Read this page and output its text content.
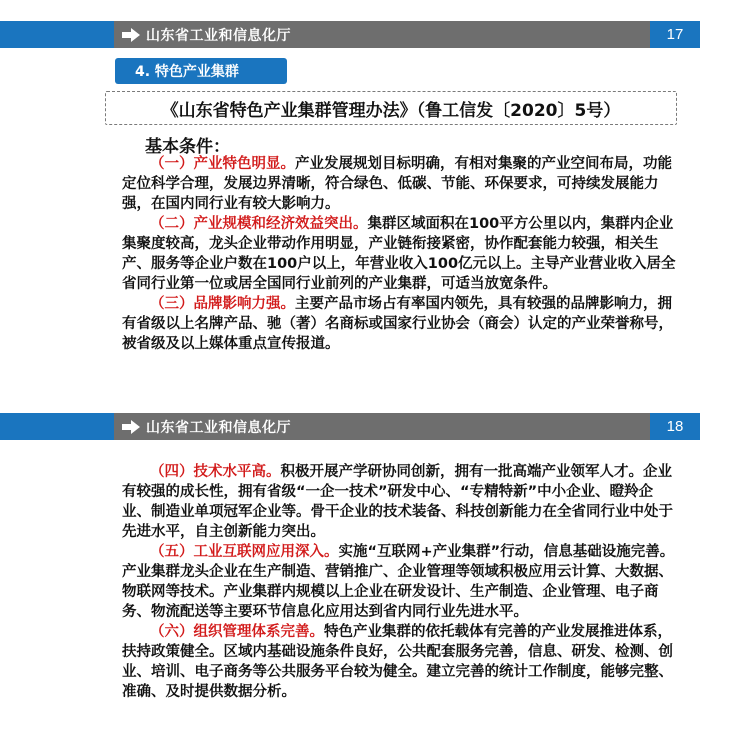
山东省工业和信息化厅	17
4. 特色产业集群
《山东省特色产业集群管理办法》（鲁工信发〔2020〕5号）
基本条件：

（一）产业特色明显。产业发展规划目标明确，有相对集聚的产业空间布局，功能定位科学合理，发展边界清晰，符合绿色、低碳、节能、环保要求，可持续发展能力强，在国内同行业有较大影响力。

（二）产业规模和经济效益突出。集群区域面积在100平方公里以内，集群内企业集聚度较高，龙头企业带动作用明显，产业链衔接紧密，协作配套能力较强，相关生产、服务等企业户数在100户以上，年营业收入100亿元以上。主导产业营业收入居全省同行业第一位或居全国同行业前列的产业集群，可适当放宽条件。

（三）品牌影响力强。主要产品市场占有率国内领先，具有较强的品牌影响力，拥有省级以上名牌产品、驰（著）名商标或国家行业协会（商会）认定的产业荣誉称号，被省级及以上媒体重点宣传报道。

山东省工业和信息化厅	18

（四）技术水平高。积极开展产学研协同创新，拥有一批高端产业领军人才。企业有较强的成长性，拥有省级“一企一技术”研发中心、“专精特新”中小企业、瞪羚企业、制造业单项冠军企业等。骨干企业的技术装备、科技创新能力在全省同行业中处于先进水平，自主创新能力突出。

（五）工业互联网应用深入。实施“互联网+产业集群”行动，信息基础设施完善。产业集群龙头企业在生产制造、营销推广、企业管理等领域积极应用云计算、大数据、物联网等技术。产业集群内规模以上企业在研发设计、生产制造、企业管理、电子商务、物流配送等主要环节信息化应用达到省内同行业先进水平。

（六）组织管理体系完善。特色产业集群的依托载体有完善的产业发展推进体系，扶持政策健全。区域内基础设施条件良好，公共配套服务完善，信息、研发、检测、创业、培训、电子商务等公共服务平台较为健全。建立完善的统计工作制度，能够完整、准确、及时提供数据分析。
